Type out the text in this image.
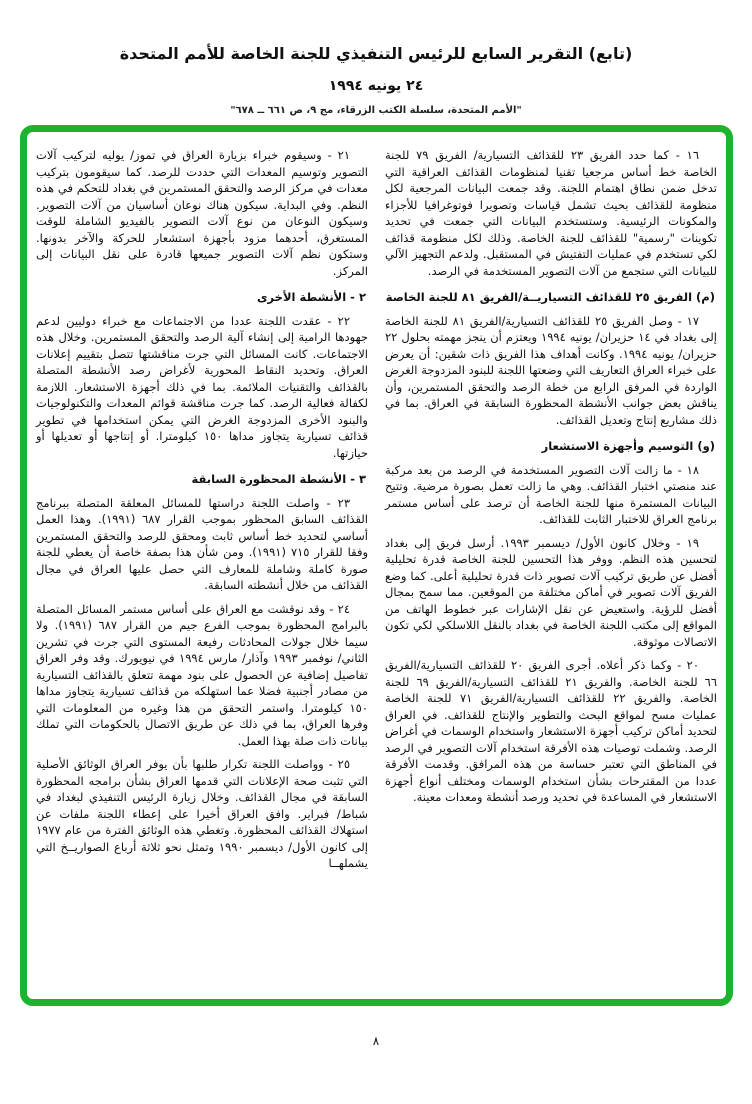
(تابع) التقرير السابع للرئيس التنفيذي للجنة الخاصة للأمم المتحدة
٢٤ يونيه ١٩٩٤
"الأمم المتحدة، سلسلة الكتب الزرقاء، مج ٩، ص ٦٦١ ــ ٦٧٨"
١٦ - كما حدد الفريق ٢٣ للقذائف التسيارية/ الفريق ٧٩ للجنة الخاصة خط أساس مرجعيا تقنيا لمنظومات القذائف العراقية التي تدخل ضمن نطاق اهتمام اللجنة. وقد جمعت البيانات المرجعية لكل منظومة للقذائف بحيث تشمل قياسات وتصويرا فوتوغرافيا للأجزاء والمكونات الرئيسية. وستستخدم البيانات التي جمعت في تحديد تكوينات "رسمية" للقذائف للجنة الخاصة. وذلك لكل منظومة قذائف لكي تستخدم في عمليات التفتيش في المستقبل. ولدعم التجهيز الآلي للبيانات التي ستجمع من آلات التصوير المستخدمة في الرصد.
(م) الفريق ٢٥ للقذائف التسياريــة/الفريق ٨١ للجنة الخاصة
١٧ - وصل الفريق ٢٥ للقذائف التسيارية/الفريق ٨١ للجنة الخاصة إلى بغداد في ١٤ حزيران/ يونيه ١٩٩٤ ويعتزم أن ينجز مهمته بحلول ٢٢ حزيران/ يونيه ١٩٩٤. وكانت أهداف هذا الفريق ذات شقين: أن يعرض على خبراء العراق التعاريف التي وضعتها اللجنة للبنود المزدوجة الغرض الواردة في المرفق الرابع من خطة الرصد والتحقق المستمرين، وأن يناقش بعض جوانب الأنشطة المحظورة السابقة في العراق. بما في ذلك مشاريع إنتاج وتعديل القذائف.
(و) التوسيم وأجهزة الاستشعار
١٨ - ما زالت آلات التصوير المستخدمة في الرصد من بعد مركبة عند منصتي اختبار القذائف. وهي ما زالت تعمل بصورة مرضية. وتتيح البيانات المستمرة منها للجنة الخاصة أن ترصد على أساس مستمر برنامج العراق للاختبار الثابت للقذائف.
١٩ - وخلال كانون الأول/ ديسمبر ١٩٩٣. أرسل فريق إلى بغداد لتحسين هذه النظم. ووفر هذا التحسين للجنة الخاصة قدرة تحليلية أفضل عن طريق تركيب آلات تصوير ذات قدرة تحليلية أعلى. كما وضع الفريق آلات تصوير في أماكن مختلفة من الموقعين. مما سمح بمجال أفضل للرؤية. واستعيض عن نقل الإشارات عبر خطوط الهاتف من المواقع إلى مكتب اللجنة الخاصة في بغداد بالنقل اللاسلكي لكي تكون الاتصالات موثوقة.
٢٠ - وكما ذكر أعلاه. أجرى الفريق ٢٠ للقذائف التسيارية/الفريق ٦٦ للجنة الخاصة. والفريق ٢١ للقذائف التسيارية/الفريق ٦٩ للجنة الخاصة. والفريق ٢٢ للقذائف التسيارية/الفريق ٧١ للجنة الخاصة عمليات مسح لمواقع البحث والتطوير والإنتاج للقذائف. في العراق لتحديد أماكن تركيب أجهزة الاستشعار واستخدام الوسمات في أغراض الرصد. وشملت توصيات هذه الأفرقة استخدام آلات التصوير في الرصد في المناطق التي تعتبر حساسة من هذه المرافق. وقدمت الأفرقة عددا من المقترحات بشأن استخدام الوسمات ومختلف أنواع أجهزة الاستشعار في المساعدة في تحديد ورصد أنشطة ومعدات معينة.
٢١ - وسيقوم خبراء بزيارة العراق في تموز/ يوليه لتركيب آلات التصوير وتوسيم المعدات التي حددت للرصد. كما سيقومون بتركيب معدات في مركز الرصد والتحقق المستمرين في بغداد للتحكم في هذه النظم. وفي البداية. سيكون هناك نوعان أساسيان من آلات التصوير. وسيكون النوعان من نوع آلات التصوير بالفيديو الشاملة للوقت المستغرق، أحدهما مزود بأجهزة استشعار للحركة والآخر بدونها. وستكون نظم آلات التصوير جميعها قادرة على نقل البيانات إلى المركز.
٢ - الأنشطة الأخرى
٢٢ - عقدت اللجنة عددا من الاجتماعات مع خبراء دوليين لدعم جهودها الرامية إلى إنشاء آلية الرصد والتحقق المستمرين. وخلال هذه الاجتماعات. كانت المسائل التي جرت مناقشتها تتصل بتقييم إعلانات العراق. وتحديد النقاط المحورية لأغراض رصد الأنشطة المتصلة بالقذائف والتقنيات الملائمة. بما في ذلك أجهزة الاستشعار. اللازمة لكفالة فعالية الرصد. كما جرت مناقشة قوائم المعدات والتكنولوجيات والبنود الأخرى المزدوجة الغرض التي يمكن استخدامها في تطوير قذائف تسيارية يتجاوز مداها ١٥٠ كيلومترا. أو إنتاجها أو تعديلها أو حيازتها.
٣ - الأنشطة المحظورة السابقة
٢٣ - واصلت اللجنة دراستها للمسائل المعلقة المتصلة ببرنامج القذائف السابق المحظور بموجب القرار ٦٨٧ (١٩٩١). وهذا العمل أساسي لتحديد خط أساس ثابت ومحقق للرصد والتحقق المستمرين وفقا للقرار ٧١٥ (١٩٩١). ومن شأن هذا بصفة خاصة أن يعطي للجنة صورة كاملة وشاملة للمعارف التي حصل عليها العراق في مجال القذائف من خلال أنشطته السابقة.
٢٤ - وقد نوقشت مع العراق على أساس مستمر المسائل المتصلة بالبرامج المحظورة بموجب الفرع جيم من القرار ٦٨٧ (١٩٩١). ولا سيما خلال جولات المحادثات رفيعة المستوى التي جرت في تشرين الثاني/ نوفمبر ١٩٩٣ وآذار/ مارس ١٩٩٤ في نيويورك. وقد وفر العراق تفاصيل إضافية عن الحصول على بنود مهمة تتعلق بالقذائف التسيارية من مصادر أجنبية فضلا عما استهلكه من قذائف تسيارية يتجاوز مداها ١٥٠ كيلومترا. واستمر التحقق من هذا وغيره من المعلومات التي وفرها العراق، بما في ذلك عن طريق الاتصال بالحكومات التي تملك بيانات ذات صلة بهذا العمل.
٢٥ - وواصلت اللجنة تكرار طلبها بأن يوفر العراق الوثائق الأصلية التي تثبت صحة الإعلانات التي قدمها العراق بشأن برامجه المحظورة السابقة في مجال القذائف. وخلال زيارة الرئيس التنفيذي لبغداد في شباط/ فبراير. وافق العراق أخيرا على إعطاء اللجنة ملفات عن استهلاك القذائف المحظورة. وتغطي هذه الوثائق الفترة من عام ١٩٧٧ إلى كانون الأول/ ديسمبر ١٩٩٠ وتمثل نحو ثلاثة أرباع الصواريــخ التي يشملهــا
٨
